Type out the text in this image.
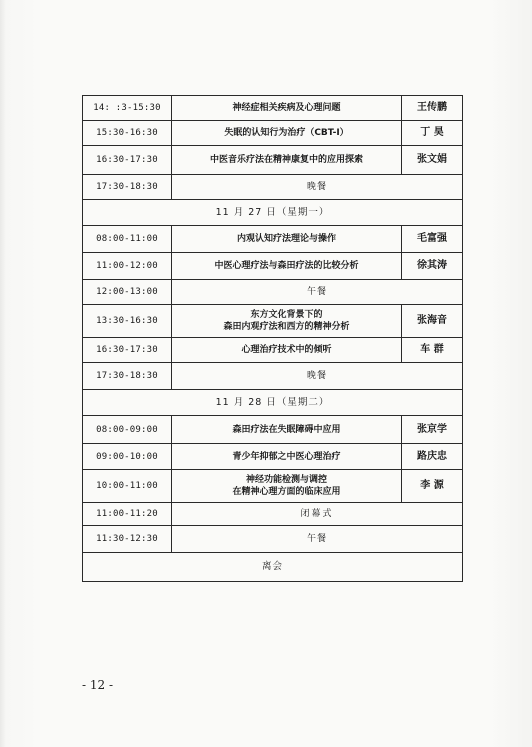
14: :3-15:30	神经症相关疾病及心理问题	王传鹏
15:30-16:30	失眠的认知行为治疗（CBT-I）	丁 昊
16:30-17:30	中医音乐疗法在精神康复中的应用探索	张文娟
17:30-18:30	晚餐	
11 月 27 日（星期一）		
08:00-11:00	内观认知疗法理论与操作	毛富强
11:00-12:00	中医心理疗法与森田疗法的比较分析	徐其涛
12:00-13:00	午餐	
13:30-16:30	东方文化背景下的
森田内观疗法和西方的精神分析	张海音
16:30-17:30	心理治疗技术中的倾听	车 群
17:30-18:30	晚餐	
11 月 28 日（星期二）		
08:00-09:00	森田疗法在失眠障碍中应用	张京学
09:00-10:00	青少年抑郁之中医心理治疗	路庆忠
10:00-11:00	神经功能检测与调控
在精神心理方面的临床应用	李 源
11:00-11:20	闭幕式	
11:30-12:30	午餐	
离会		
- 12 -
